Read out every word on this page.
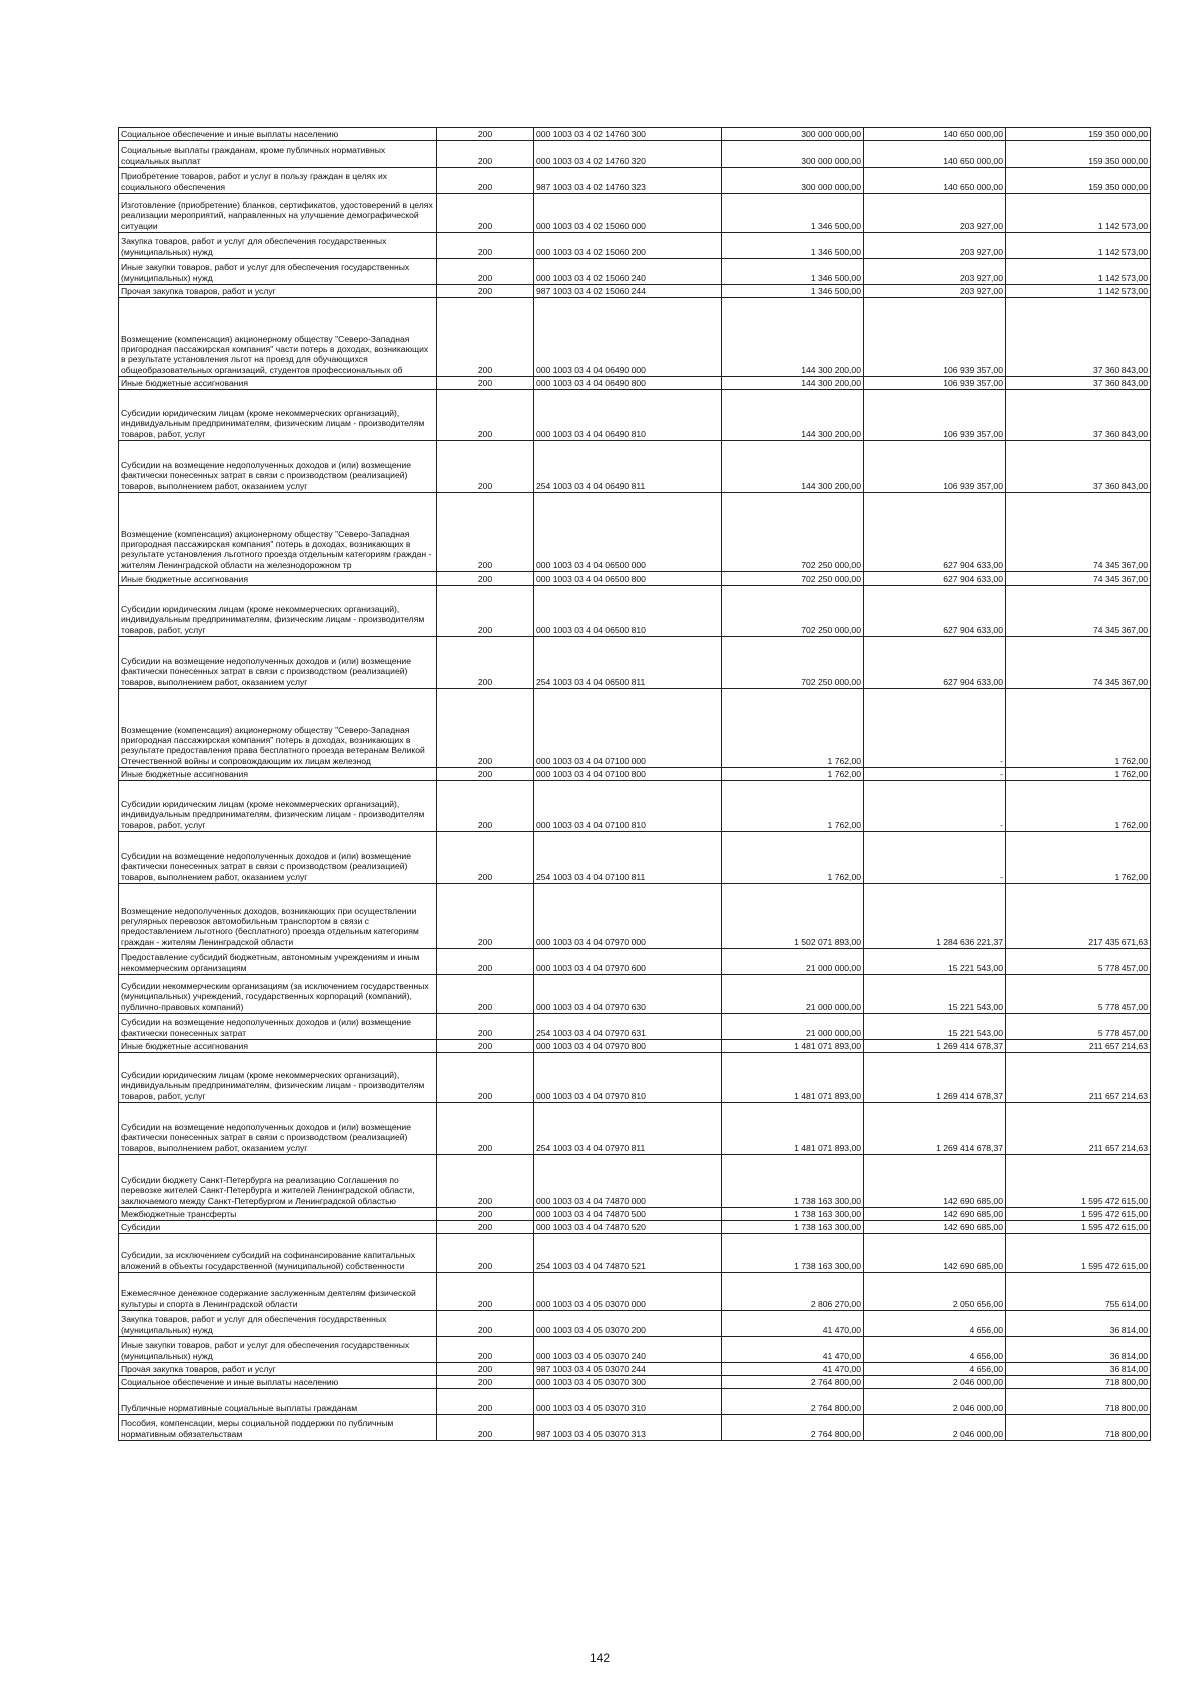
Социальное обеспечение и иные выплаты населению	200	000 1003 03 4 02 14760 300	300 000 000,00	140 650 000,00	159 350 000,00
Социальные выплаты гражданам, кроме публичных нормативных социальных выплат	200	000 1003 03 4 02 14760 320	300 000 000,00	140 650 000,00	159 350 000,00
Приобретение товаров, работ и услуг в пользу граждан в целях их социального обеспечения	200	987 1003 03 4 02 14760 323	300 000 000,00	140 650 000,00	159 350 000,00
Изготовление (приобретение) бланков, сертификатов, удостоверений в целях реализации мероприятий, направленных на улучшение демографической ситуации	200	000 1003 03 4 02 15060 000	1 346 500,00	203 927,00	1 142 573,00
Закупка товаров, работ и услуг для обеспечения государственных (муниципальных) нужд	200	000 1003 03 4 02 15060 200	1 346 500,00	203 927,00	1 142 573,00
Иные закупки товаров, работ и услуг для обеспечения государственных (муниципальных) нужд	200	000 1003 03 4 02 15060 240	1 346 500,00	203 927,00	1 142 573,00
Прочая закупка товаров, работ и услуг	200	987 1003 03 4 02 15060 244	1 346 500,00	203 927,00	1 142 573,00
Возмещение (компенсация) акционерному обществу "Северо-Западная пригородная пассажирская компания" части потерь в доходах, возникающих в результате установления льгот на проезд для обучающихся общеобразовательных организаций, студентов профессиональных об	200	000 1003 03 4 04 06490 000	144 300 200,00	106 939 357,00	37 360 843,00
Иные бюджетные ассигнования	200	000 1003 03 4 04 06490 800	144 300 200,00	106 939 357,00	37 360 843,00
Субсидии юридическим лицам (кроме некоммерческих организаций), индивидуальным предпринимателям, физическим лицам - производителям товаров, работ, услуг	200	000 1003 03 4 04 06490 810	144 300 200,00	106 939 357,00	37 360 843,00
Субсидии на возмещение недополученных доходов и (или) возмещение фактически понесенных затрат в связи с производством (реализацией) товаров, выполнением работ, оказанием услуг	200	254 1003 03 4 04 06490 811	144 300 200,00	106 939 357,00	37 360 843,00
Возмещение (компенсация) акционерному обществу "Северо-Западная пригородная пассажирская компания" потерь в доходах, возникающих в результате установления льготного проезда отдельным категориям граждан - жителям Ленинградской области на железнодорожном тр	200	000 1003 03 4 04 06500 000	702 250 000,00	627 904 633,00	74 345 367,00
Иные бюджетные ассигнования	200	000 1003 03 4 04 06500 800	702 250 000,00	627 904 633,00	74 345 367,00
Субсидии юридическим лицам (кроме некоммерческих организаций), индивидуальным предпринимателям, физическим лицам - производителям товаров, работ, услуг	200	000 1003 03 4 04 06500 810	702 250 000,00	627 904 633,00	74 345 367,00
Субсидии на возмещение недополученных доходов и (или) возмещение фактически понесенных затрат в связи с производством (реализацией) товаров, выполнением работ, оказанием услуг	200	254 1003 03 4 04 06500 811	702 250 000,00	627 904 633,00	74 345 367,00
Возмещение (компенсация) акционерному обществу "Северо-Западная пригородная пассажирская компания" потерь в доходах, возникающих в результате предоставления права бесплатного проезда ветеранам Великой Отечественной войны и сопровождающим их лицам железнод	200	000 1003 03 4 04 07100 000	1 762,00	-	1 762,00
Иные бюджетные ассигнования	200	000 1003 03 4 04 07100 800	1 762,00	-	1 762,00
Субсидии юридическим лицам (кроме некоммерческих организаций), индивидуальным предпринимателям, физическим лицам - производителям товаров, работ, услуг	200	000 1003 03 4 04 07100 810	1 762,00	-	1 762,00
Субсидии на возмещение недополученных доходов и (или) возмещение фактически понесенных затрат в связи с производством (реализацией) товаров, выполнением работ, оказанием услуг	200	254 1003 03 4 04 07100 811	1 762,00	-	1 762,00
Возмещение недополученных доходов, возникающих при осуществлении регулярных перевозок автомобильным транспортом в связи с предоставлением льготного (бесплатного) проезда отдельным категориям граждан - жителям Ленинградской области	200	000 1003 03 4 04 07970 000	1 502 071 893,00	1 284 636 221,37	217 435 671,63
Предоставление субсидий бюджетным, автономным учреждениям и иным некоммерческим организациям	200	000 1003 03 4 04 07970 600	21 000 000,00	15 221 543,00	5 778 457,00
Субсидии некоммерческим организациям (за исключением государственных (муниципальных) учреждений, государственных корпораций (компаний), публично-правовых компаний)	200	000 1003 03 4 04 07970 630	21 000 000,00	15 221 543,00	5 778 457,00
Субсидии на возмещение недополученных доходов и (или) возмещение фактически понесенных затрат	200	254 1003 03 4 04 07970 631	21 000 000,00	15 221 543,00	5 778 457,00
Иные бюджетные ассигнования	200	000 1003 03 4 04 07970 800	1 481 071 893,00	1 269 414 678,37	211 657 214,63
Субсидии юридическим лицам (кроме некоммерческих организаций), индивидуальным предпринимателям, физическим лицам - производителям товаров, работ, услуг	200	000 1003 03 4 04 07970 810	1 481 071 893,00	1 269 414 678,37	211 657 214,63
Субсидии на возмещение недополученных доходов и (или) возмещение фактически понесенных затрат в связи с производством (реализацией) товаров, выполнением работ, оказанием услуг	200	254 1003 03 4 04 07970 811	1 481 071 893,00	1 269 414 678,37	211 657 214,63
Субсидии бюджету Санкт-Петербурга на реализацию Соглашения по перевозке жителей Санкт-Петербурга и жителей Ленинградской области, заключаемого между Санкт-Петербургом и Ленинградской областью	200	000 1003 03 4 04 74870 000	1 738 163 300,00	142 690 685,00	1 595 472 615,00
Межбюджетные трансферты	200	000 1003 03 4 04 74870 500	1 738 163 300,00	142 690 685,00	1 595 472 615,00
Субсидии	200	000 1003 03 4 04 74870 520	1 738 163 300,00	142 690 685,00	1 595 472 615,00
Субсидии, за исключением субсидий на софинансирование капитальных вложений в объекты государственной (муниципальной) собственности	200	254 1003 03 4 04 74870 521	1 738 163 300,00	142 690 685,00	1 595 472 615,00
Ежемесячное денежное содержание заслуженным деятелям физической культуры и спорта в Ленинградской области	200	000 1003 03 4 05 03070 000	2 806 270,00	2 050 656,00	755 614,00
Закупка товаров, работ и услуг для обеспечения государственных (муниципальных) нужд	200	000 1003 03 4 05 03070 200	41 470,00	4 656,00	36 814,00
Иные закупки товаров, работ и услуг для обеспечения государственных (муниципальных) нужд	200	000 1003 03 4 05 03070 240	41 470,00	4 656,00	36 814,00
Прочая закупка товаров, работ и услуг	200	987 1003 03 4 05 03070 244	41 470,00	4 656,00	36 814,00
Социальное обеспечение и иные выплаты населению	200	000 1003 03 4 05 03070 300	2 764 800,00	2 046 000,00	718 800,00
Публичные нормативные социальные выплаты гражданам	200	000 1003 03 4 05 03070 310	2 764 800,00	2 046 000,00	718 800,00
Пособия, компенсации, меры социальной поддержки по публичным нормативным обязательствам	200	987 1003 03 4 05 03070 313	2 764 800,00	2 046 000,00	718 800,00
142
